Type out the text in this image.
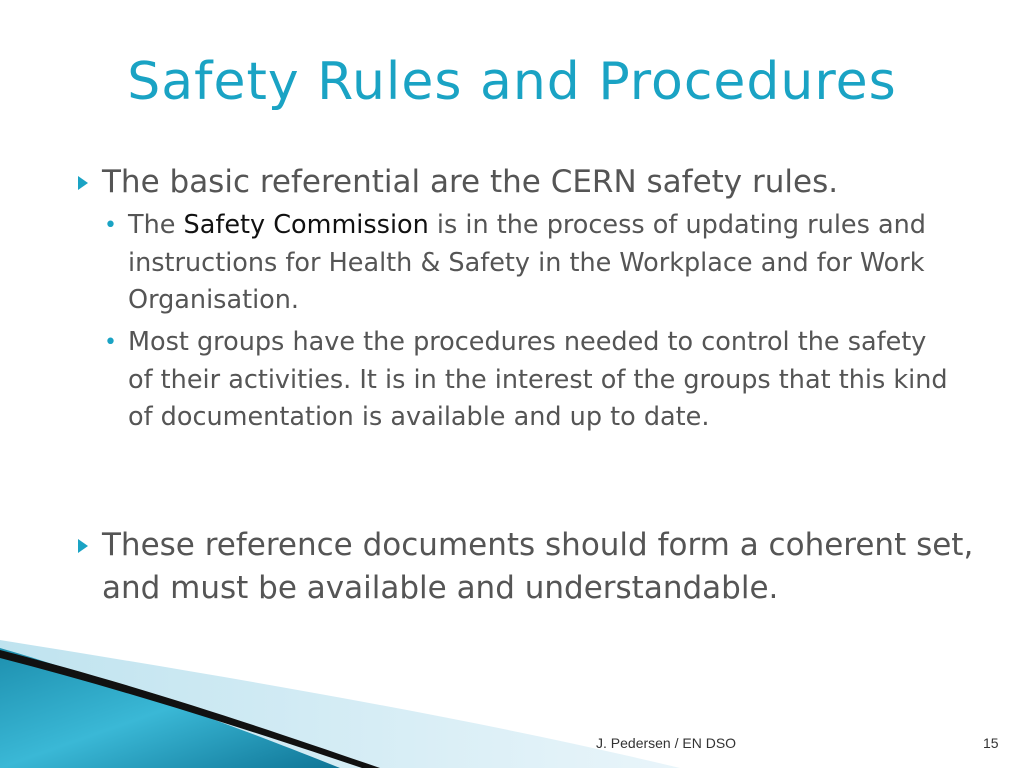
Safety Rules and Procedures
The basic referential are the CERN safety rules.
• The Safety Commission is in the process of updating rules and instructions for Health & Safety in the Workplace and for Work Organisation.
• Most groups have the procedures needed to control the safety of their activities. It is in the interest of the groups that this kind of documentation is available and up to date.
These reference documents should form a coherent set, and must be available and understandable.
J. Pedersen / EN DSO	15
